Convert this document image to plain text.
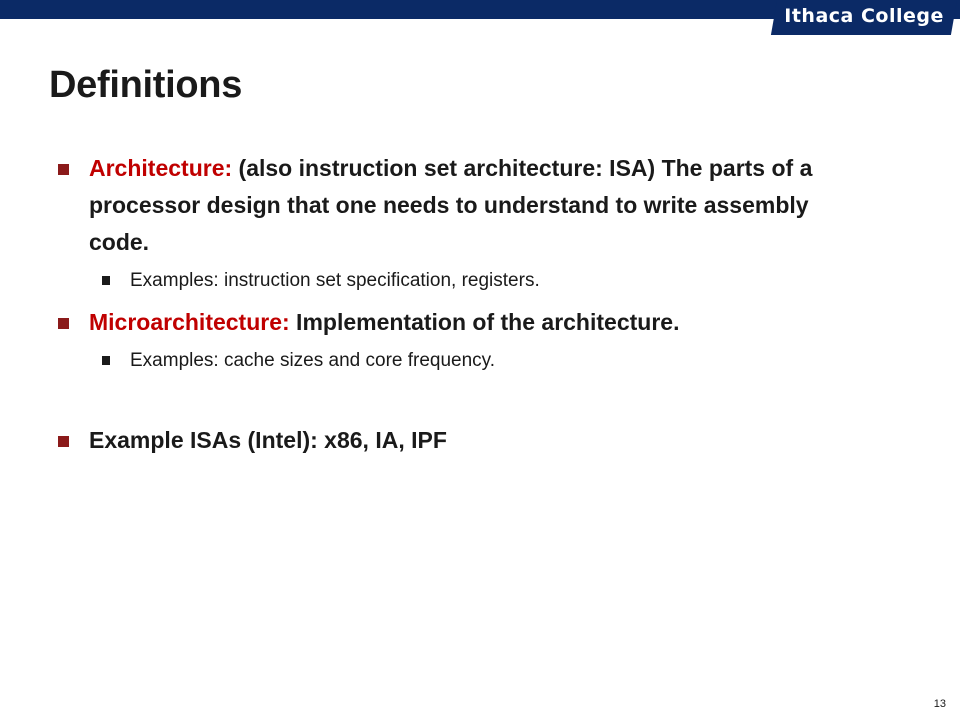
Ithaca College
Definitions
Architecture: (also instruction set architecture: ISA) The parts of a processor design that one needs to understand to write assembly code.
Examples: instruction set specification, registers.
Microarchitecture: Implementation of the architecture.
Examples: cache sizes and core frequency.
Example ISAs (Intel): x86, IA, IPF
13
